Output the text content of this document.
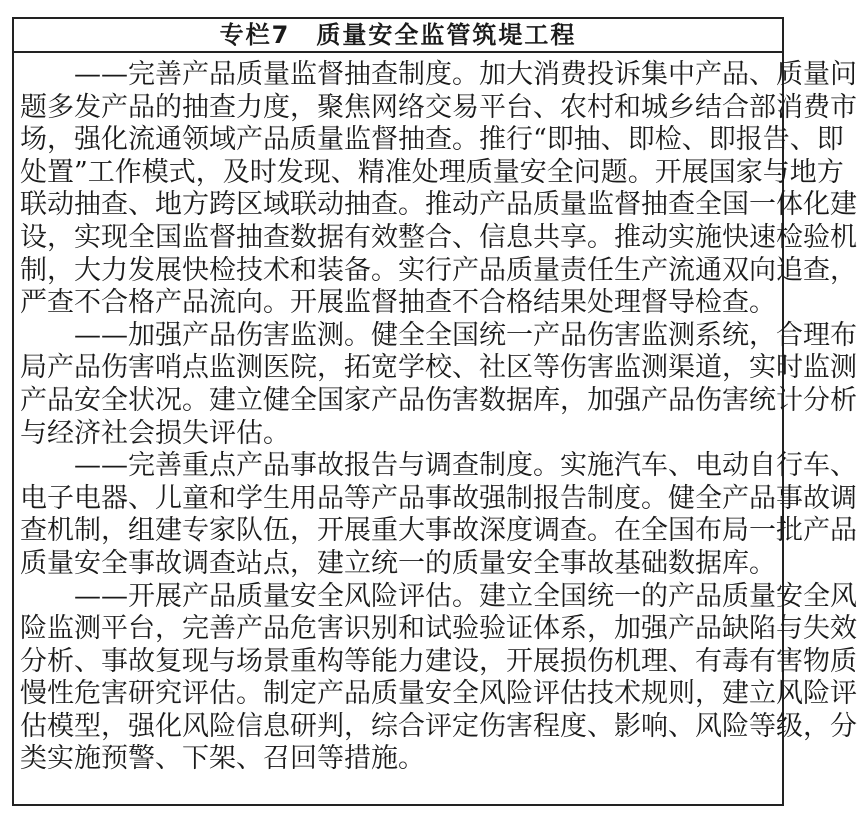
专栏7　质量安全监管筑堤工程
——完善产品质量监督抽查制度。加大消费投诉集中产品、质量问
题多发产品的抽查力度，聚焦网络交易平台、农村和城乡结合部消费市
场，强化流通领域产品质量监督抽查。推行“即抽、即检、即报告、即
处置”工作模式，及时发现、精准处理质量安全问题。开展国家与地方
联动抽查、地方跨区域联动抽查。推动产品质量监督抽查全国一体化建
设，实现全国监督抽查数据有效整合、信息共享。推动实施快速检验机
制，大力发展快检技术和装备。实行产品质量责任生产流通双向追查，
严查不合格产品流向。开展监督抽查不合格结果处理督导检查。
——加强产品伤害监测。健全全国统一产品伤害监测系统，合理布
局产品伤害哨点监测医院，拓宽学校、社区等伤害监测渠道，实时监测
产品安全状况。建立健全国家产品伤害数据库，加强产品伤害统计分析
与经济社会损失评估。
——完善重点产品事故报告与调查制度。实施汽车、电动自行车、
电子电器、儿童和学生用品等产品事故强制报告制度。健全产品事故调
查机制，组建专家队伍，开展重大事故深度调查。在全国布局一批产品
质量安全事故调查站点，建立统一的质量安全事故基础数据库。
——开展产品质量安全风险评估。建立全国统一的产品质量安全风
险监测平台，完善产品危害识别和试验验证体系，加强产品缺陷与失效
分析、事故复现与场景重构等能力建设，开展损伤机理、有毒有害物质
慢性危害研究评估。制定产品质量安全风险评估技术规则，建立风险评
估模型，强化风险信息研判，综合评定伤害程度、影响、风险等级，分
类实施预警、下架、召回等措施。
